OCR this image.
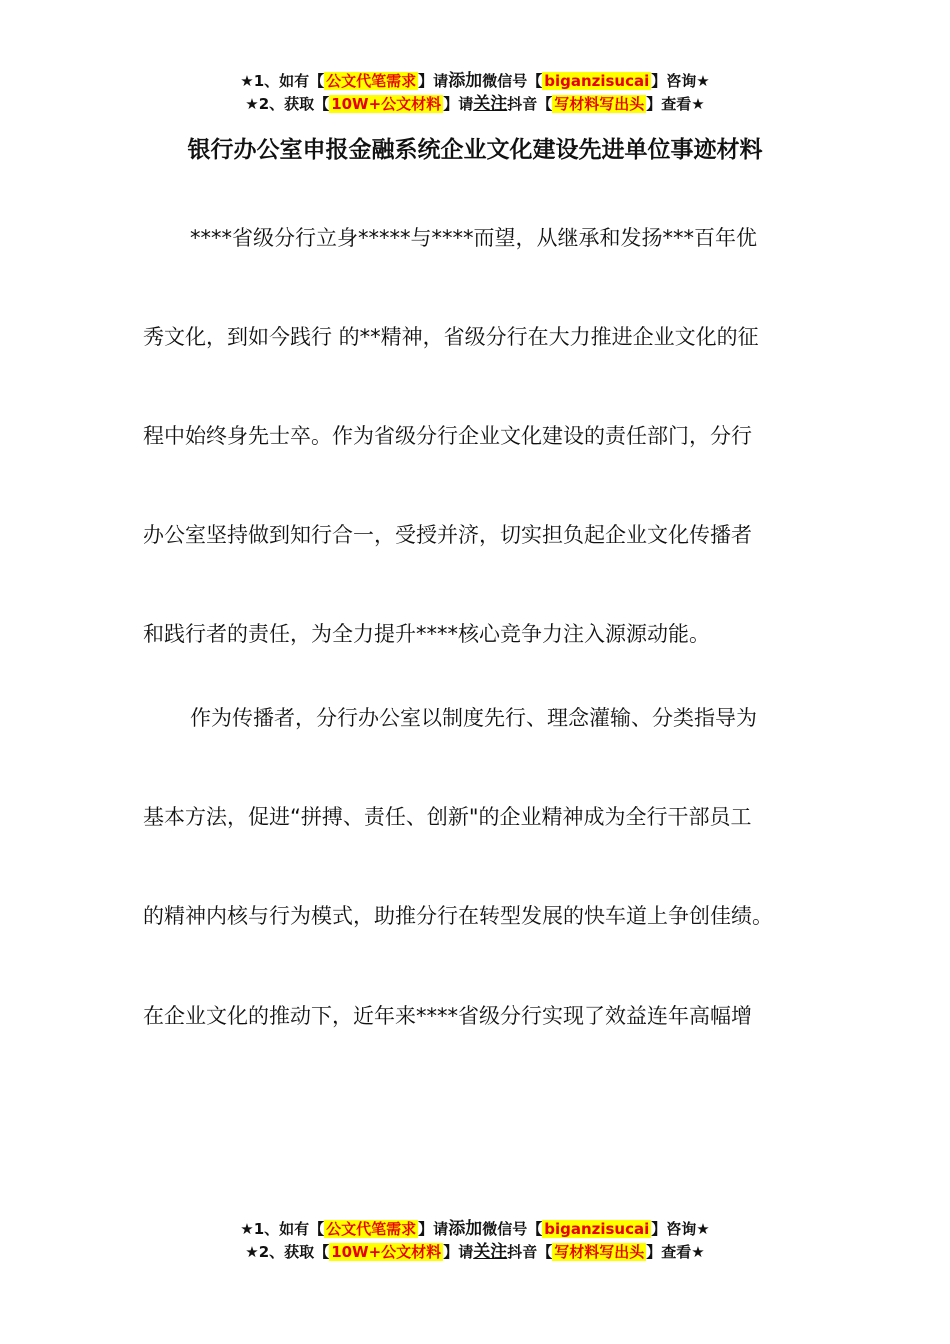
★1、如有【 公文代笔需求 】请添加微信号【 biganzisucai 】咨询★
★2、获取【 10W+公文材料 】请关注抖音【 写材料写出头 】查看★
银行办公室申报金融系统企业文化建设先进单位事迹材料
****省级分行立身*****与****而望，从继承和发扬***百年优
秀文化，到如今践行 的**精神，省级分行在大力推进企业文化的征
程中始终身先士卒。作为省级分行企业文化建设的责任部门，分行
办公室坚持做到知行合一，受授并济，切实担负起企业文化传播者
和践行者的责任，为全力提升****核心竞争力注入源源动能。
作为传播者，分行办公室以制度先行、理念灌输、分类指导为
基本方法，促进“拼搏、责任、创新"的企业精神成为全行干部员工
的精神内核与行为模式，助推分行在转型发展的快车道上争创佳绩。
在企业文化的推动下，近年来****省级分行实现了效益连年高幅增
★1、如有【 公文代笔需求 】请添加微信号【 biganzisucai 】咨询★
★2、获取【 10W+公文材料 】请关注抖音【 写材料写出头 】查看★
